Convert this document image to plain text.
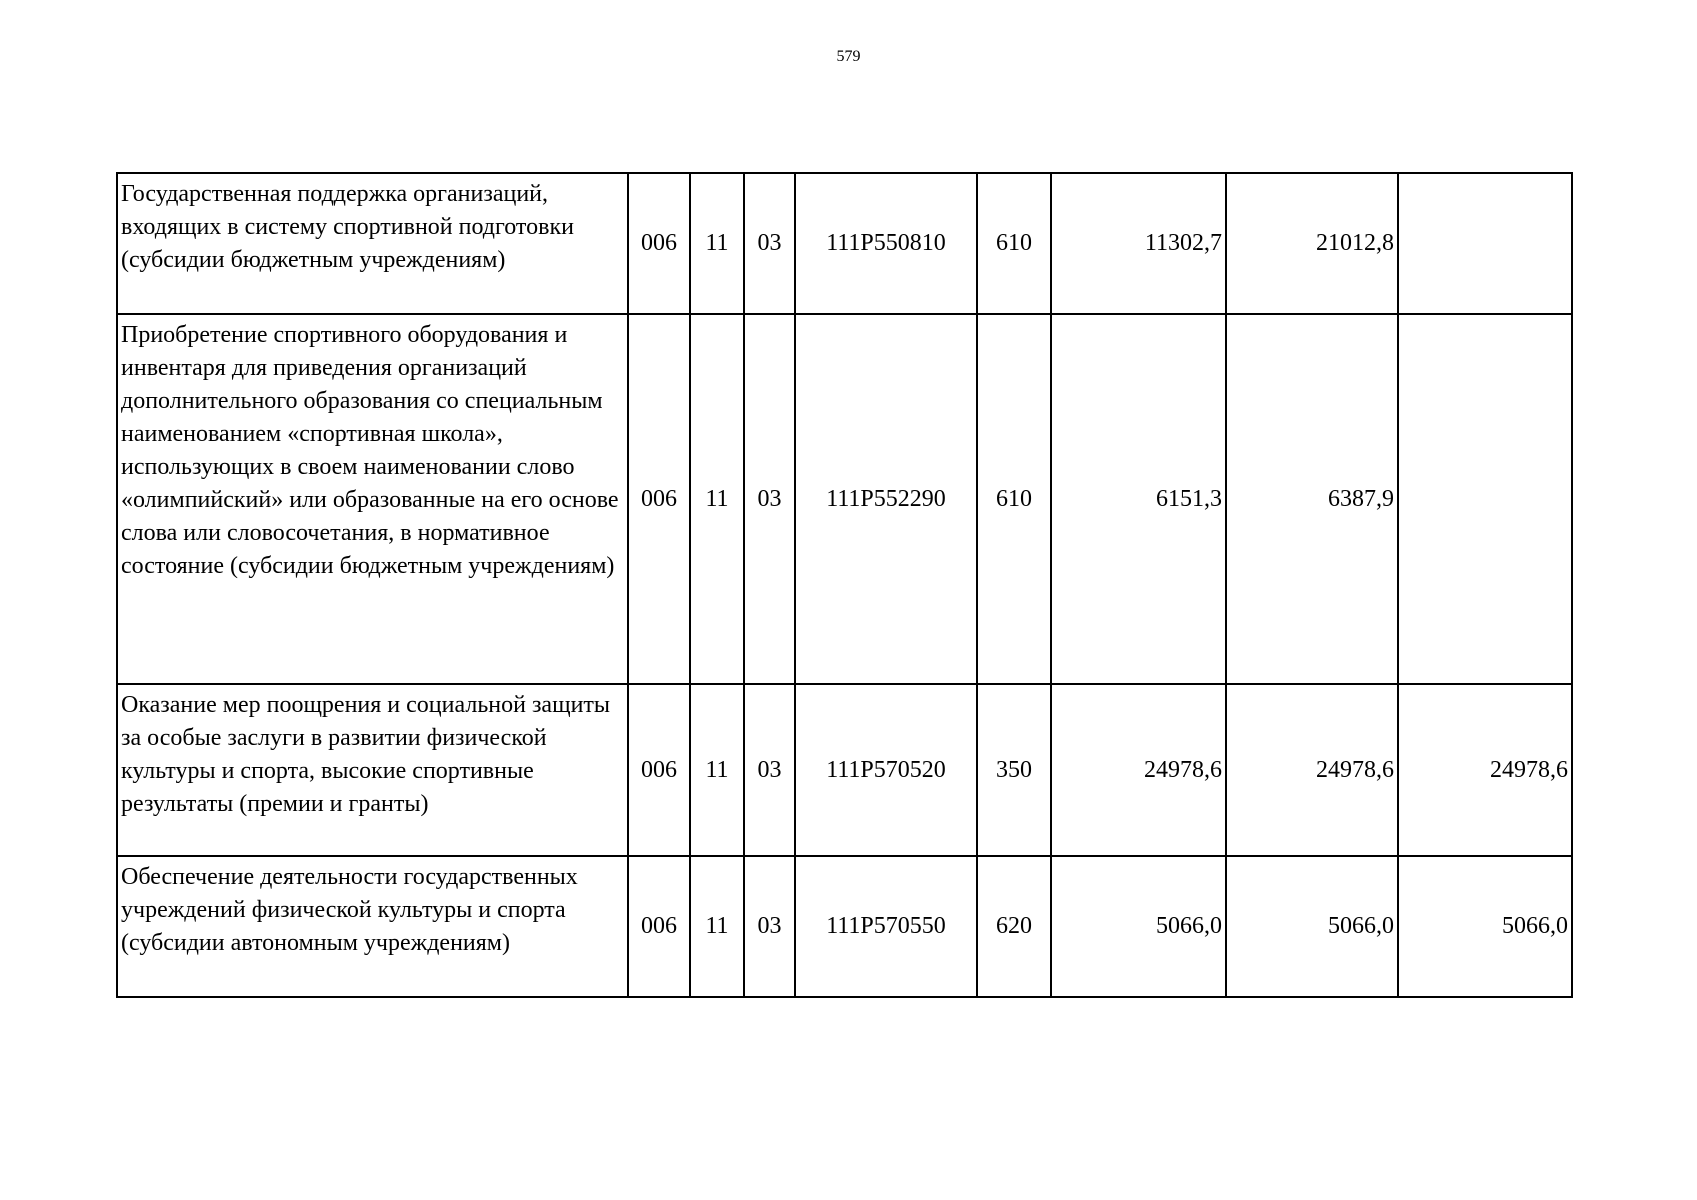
579
Государственная поддержка организаций, входящих в систему спортивной подготовки (субсидии бюджетным учреждениям)	006	11	03	111P550810	610	11302,7	21012,8	
Приобретение спортивного оборудования и инвентаря для приведения организаций дополнительного образования со специальным наименованием «спортивная школа», использующих в своем наименовании слово «олимпийский» или образованные на его основе слова или словосочетания, в нормативное состояние (субсидии бюджетным учреждениям)	006	11	03	111P552290	610	6151,3	6387,9	
Оказание мер поощрения и социальной защиты за особые заслуги в развитии физической культуры и спорта, высокие спортивные результаты (премии и гранты)	006	11	03	111P570520	350	24978,6	24978,6	24978,6
Обеспечение деятельности государственных учреждений физической культуры и спорта (субсидии автономным учреждениям)	006	11	03	111P570550	620	5066,0	5066,0	5066,0
